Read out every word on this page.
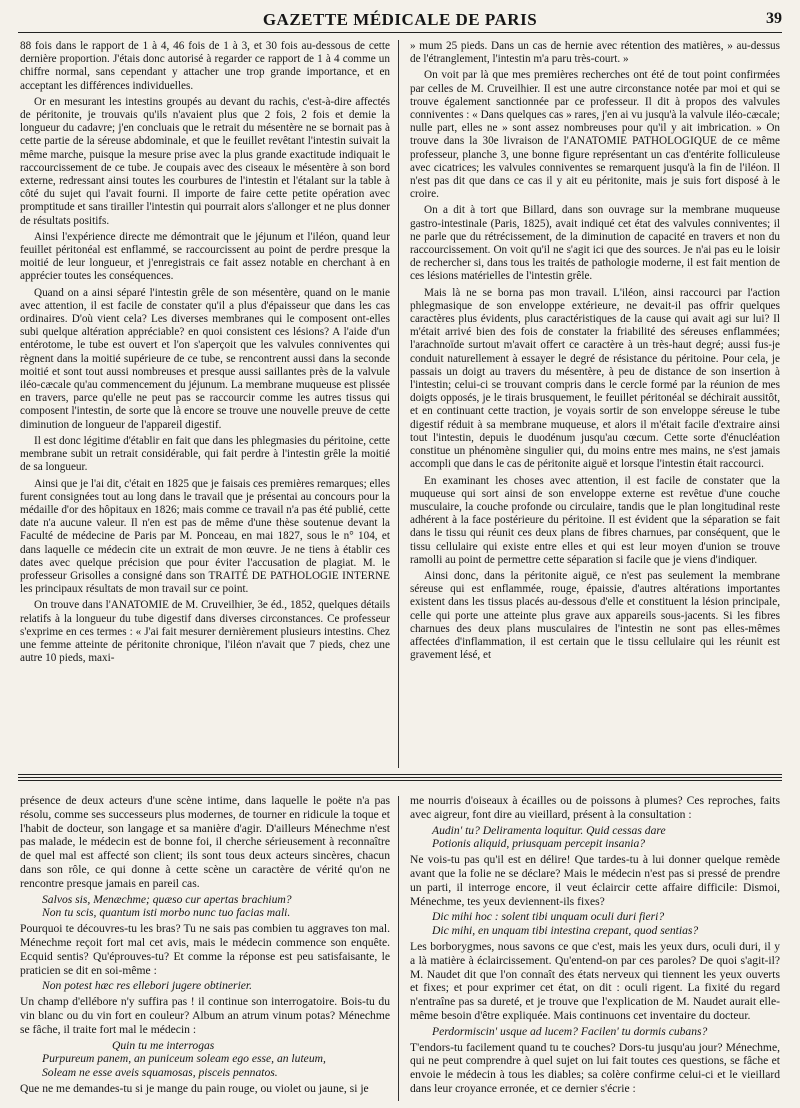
GAZETTE MÉDICALE DE PARIS	39

88 fois dans le rapport de 1 à 4, 46 fois de 1 à 3, et 30 fois au-dessous de cette dernière proportion. J'étais donc autorisé à regarder ce rapport de 1 à 4 comme un chiffre normal, sans cependant y attacher une trop grande importance, et en acceptant les différences individuelles.

Or en mesurant les intestins groupés au devant du rachis, c'est-à-dire affectés de péritonite, je trouvais qu'ils n'avaient plus que 2 fois, 2 fois et demie la longueur du cadavre; j'en concluais que le retrait du mésentère ne se bornait pas à cette partie de la séreuse abdominale, et que le feuillet revêtant l'intestin suivait la même marche, puisque la mesure prise avec la plus grande exactitude indiquait le raccourcissement de ce tube. Je coupais avec des ciseaux le mésentère à son bord externe, redressant ainsi toutes les courbures de l'intestin et l'étalant sur la table à côté du sujet qui l'avait fourni. Il importe de faire cette petite opération avec promptitude et sans tirailler l'intestin qui pourrait alors s'allonger et ne plus donner de résultats positifs.

Ainsi l'expérience directe me démontrait que le jéjunum et l'iléon, quand leur feuillet péritonéal est enflammé, se raccourcissent au point de perdre presque la moitié de leur longueur, et j'enregistrais ce fait assez notable en cherchant à en apprécier toutes les conséquences.

Quand on a ainsi séparé l'intestin grêle de son mésentère, quand on le manie avec attention, il est facile de constater qu'il a plus d'épaisseur que dans les cas ordinaires. D'où vient cela? Les diverses membranes qui le composent ont-elles subi quelque altération appréciable? en quoi consistent ces lésions? A l'aide d'un entérotome, le tube est ouvert et l'on s'aperçoit que les valvules conniventes qui règnent dans la moitié supérieure de ce tube, se rencontrent aussi dans la seconde moitié et sont tout aussi nombreuses et presque aussi saillantes près de la valvule iléo-cæcale qu'au commencement du jéjunum. La membrane muqueuse est plissée en travers, parce qu'elle ne peut pas se raccourcir comme les autres tissus qui composent l'intestin, de sorte que là encore se trouve une nouvelle preuve de cette diminution de longueur de l'appareil digestif.

Il est donc légitime d'établir en fait que dans les phlegmasies du péritoine, cette membrane subit un retrait considérable, qui fait perdre à l'intestin grêle la moitié de sa longueur.

Ainsi que je l'ai dit, c'était en 1825 que je faisais ces premières remarques; elles furent consignées tout au long dans le travail que je présentai au concours pour la médaille d'or des hôpitaux en 1826; mais comme ce travail n'a pas été publié, cette date n'a aucune valeur. Il n'en est pas de même d'une thèse soutenue devant la Faculté de médecine de Paris par M. Ponceau, en mai 1827, sous le n° 104, et dans laquelle ce médecin cite un extrait de mon œuvre. Je ne tiens à établir ces dates avec quelque précision que pour éviter l'accusation de plagiat. M. le professeur Grisolles a consigné dans son TRAITÉ DE PATHOLOGIE INTERNE les principaux résultats de mon travail sur ce point.

On trouve dans l'ANATOMIE de M. Cruveilhier, 3e éd., 1852, quelques détails relatifs à la longueur du tube digestif dans diverses circonstances. Ce professeur s'exprime en ces termes : « J'ai fait mesurer dernièrement plusieurs intestins. Chez une femme atteinte de péritonite chronique, l'iléon n'avait que 7 pieds, chez une autre 10 pieds, maxi-

» mum 25 pieds. Dans un cas de hernie avec rétention des matières, » au-dessus de l'étranglement, l'intestin m'a paru très-court. »

On voit par là que mes premières recherches ont été de tout point confirmées par celles de M. Cruveilhier. Il est une autre circonstance notée par moi et qui se trouve également sanctionnée par ce professeur. Il dit à propos des valvules conniventes : « Dans quelques cas » rares, j'en ai vu jusqu'à la valvule iléo-cæcale; nulle part, elles ne » sont assez nombreuses pour qu'il y ait imbrication. » On trouve dans la 30e livraison de l'ANATOMIE PATHOLOGIQUE de ce même professeur, planche 3, une bonne figure représentant un cas d'entérite folliculeuse avec cicatrices; les valvules conniventes se remarquent jusqu'à la fin de l'iléon. Il n'est pas dit que dans ce cas il y ait eu péritonite, mais je suis fort disposé à le croire.

On a dit à tort que Billard, dans son ouvrage sur la membrane muqueuse gastro-intestinale (Paris, 1825), avait indiqué cet état des valvules conniventes; il ne parle que du rétrécissement, de la diminution de capacité en travers et non du raccourcissement. On voit qu'il ne s'agit ici que des sources. Je n'ai pas eu le loisir de rechercher si, dans tous les traités de pathologie moderne, il est fait mention de ces lésions matérielles de l'intestin grêle.

Mais là ne se borna pas mon travail. L'iléon, ainsi raccourci par l'action phlegmasique de son enveloppe extérieure, ne devait-il pas offrir quelques caractères plus évidents, plus caractéristiques de la cause qui avait agi sur lui? Il m'était arrivé bien des fois de constater la friabilité des séreuses enflammées; l'arachnoïde surtout m'avait offert ce caractère à un très-haut degré; aussi fus-je conduit naturellement à essayer le degré de résistance du péritoine. Pour cela, je passais un doigt au travers du mésentère, à peu de distance de son insertion à l'intestin; celui-ci se trouvant compris dans le cercle formé par la réunion de mes doigts opposés, je le tirais brusquement, le feuillet péritonéal se déchirait aussitôt, et en continuant cette traction, je voyais sortir de son enveloppe séreuse le tube digestif réduit à sa membrane muqueuse, et alors il m'était facile d'extraire ainsi tout l'intestin, depuis le duodénum jusqu'au cœcum. Cette sorte d'énucléation constitue un phénomène singulier qui, du moins entre mes mains, ne s'est jamais accompli que dans le cas de péritonite aiguë et lorsque l'intestin était raccourci.

En examinant les choses avec attention, il est facile de constater que la muqueuse qui sort ainsi de son enveloppe externe est revêtue d'une couche musculaire, la couche profonde ou circulaire, tandis que le plan longitudinal reste adhérent à la face postérieure du péritoine. Il est évident que la séparation se fait dans le tissu qui réunit ces deux plans de fibres charnues, par conséquent, que le tissu cellulaire qui existe entre elles et qui est leur moyen d'union se trouve ramolli au point de permettre cette séparation si facile que je viens d'indiquer.

Ainsi donc, dans la péritonite aiguë, ce n'est pas seulement la membrane séreuse qui est enflammée, rouge, épaissie, d'autres altérations importantes existent dans les tissus placés au-dessous d'elle et constituent la lésion principale, celle qui porte une atteinte plus grave aux appareils sous-jacents. Si les fibres charnues des deux plans musculaires de l'intestin ne sont pas elles-mêmes affectées d'inflammation, il est certain que le tissu cellulaire qui les réunit est gravement lésé, et

présence de deux acteurs d'une scène intime, dans laquelle le poëte n'a pas résolu, comme ses successeurs plus modernes, de tourner en ridicule la toque et l'habit de docteur, son langage et sa manière d'agir. D'ailleurs Ménechme n'est pas malade, le médecin est de bonne foi, il cherche sérieusement à reconnaître de quel mal est affecté son client; ils sont tous deux acteurs sincères, chacun dans son rôle, ce qui donne à cette scène un caractère de vérité qu'on ne rencontre presque jamais en pareil cas.

Salvos sis, Menæchme; quæso cur apertas brachium?
Non tu scis, quantum isti morbo nunc tuo facias mali.

Pourquoi te découvres-tu les bras? Tu ne sais pas combien tu aggraves ton mal. Ménechme reçoit fort mal cet avis, mais le médecin commence son enquête. Ecquid sentis? Qu'éprouves-tu? Et comme la réponse est peu satisfaisante, le praticien se dit en soi-même :

Non potest hæc res ellebori jugere obtinerier.

Un champ d'ellébore n'y suffira pas ! il continue son interrogatoire. Bois-tu du vin blanc ou du vin fort en couleur? Album an atrum vinum potas? Ménechme se fâche, il traite fort mal le médecin :

Quin tu me interrogas
Purpureum panem, an puniceum soleam ego esse, an luteum,
Soleam ne esse aveis squamosas, pisceis pennatos.

Que ne me demandes-tu si je mange du pain rouge, ou violet ou jaune, si je

me nourris d'oiseaux à écailles ou de poissons à plumes? Ces reproches, faits avec aigreur, font dire au vieillard, présent à la consultation :

Audin' tu? Deliramenta loquitur. Quid cessas dare
Potionis aliquid, priusquam percepit insania?

Ne vois-tu pas qu'il est en délire! Que tardes-tu à lui donner quelque remède avant que la folie ne se déclare? Mais le médecin n'est pas si pressé de prendre un parti, il interroge encore, il veut éclaircir cette affaire difficile: Dismoi, Ménechme, tes yeux deviennent-ils fixes?

Dic mihi hoc : solent tibi unquam oculi duri fieri?
Dic mihi, en unquam tibi intestina crepant, quod sentias?

Les borborygmes, nous savons ce que c'est, mais les yeux durs, oculi duri, il y a là matière à éclaircissement. Qu'entend-on par ces paroles? De quoi s'agit-il? M. Naudet dit que l'on connaît des états nerveux qui tiennent les yeux ouverts et fixes; et pour exprimer cet état, on dit : oculi rigent. La fixité du regard n'entraîne pas sa dureté, et je trouve que l'explication de M. Naudet aurait elle-même besoin d'être expliquée. Mais continuons cet inventaire du docteur.

Perdormiscin' usque ad lucem? Facilen' tu dormis cubans?

T'endors-tu facilement quand tu te couches? Dors-tu jusqu'au jour? Ménechme, qui ne peut comprendre à quel sujet on lui fait toutes ces questions, se fâche et envoie le médecin à tous les diables; sa colère confirme celui-ci et le vieillard dans leur croyance erronée, et ce dernier s'écrie :
